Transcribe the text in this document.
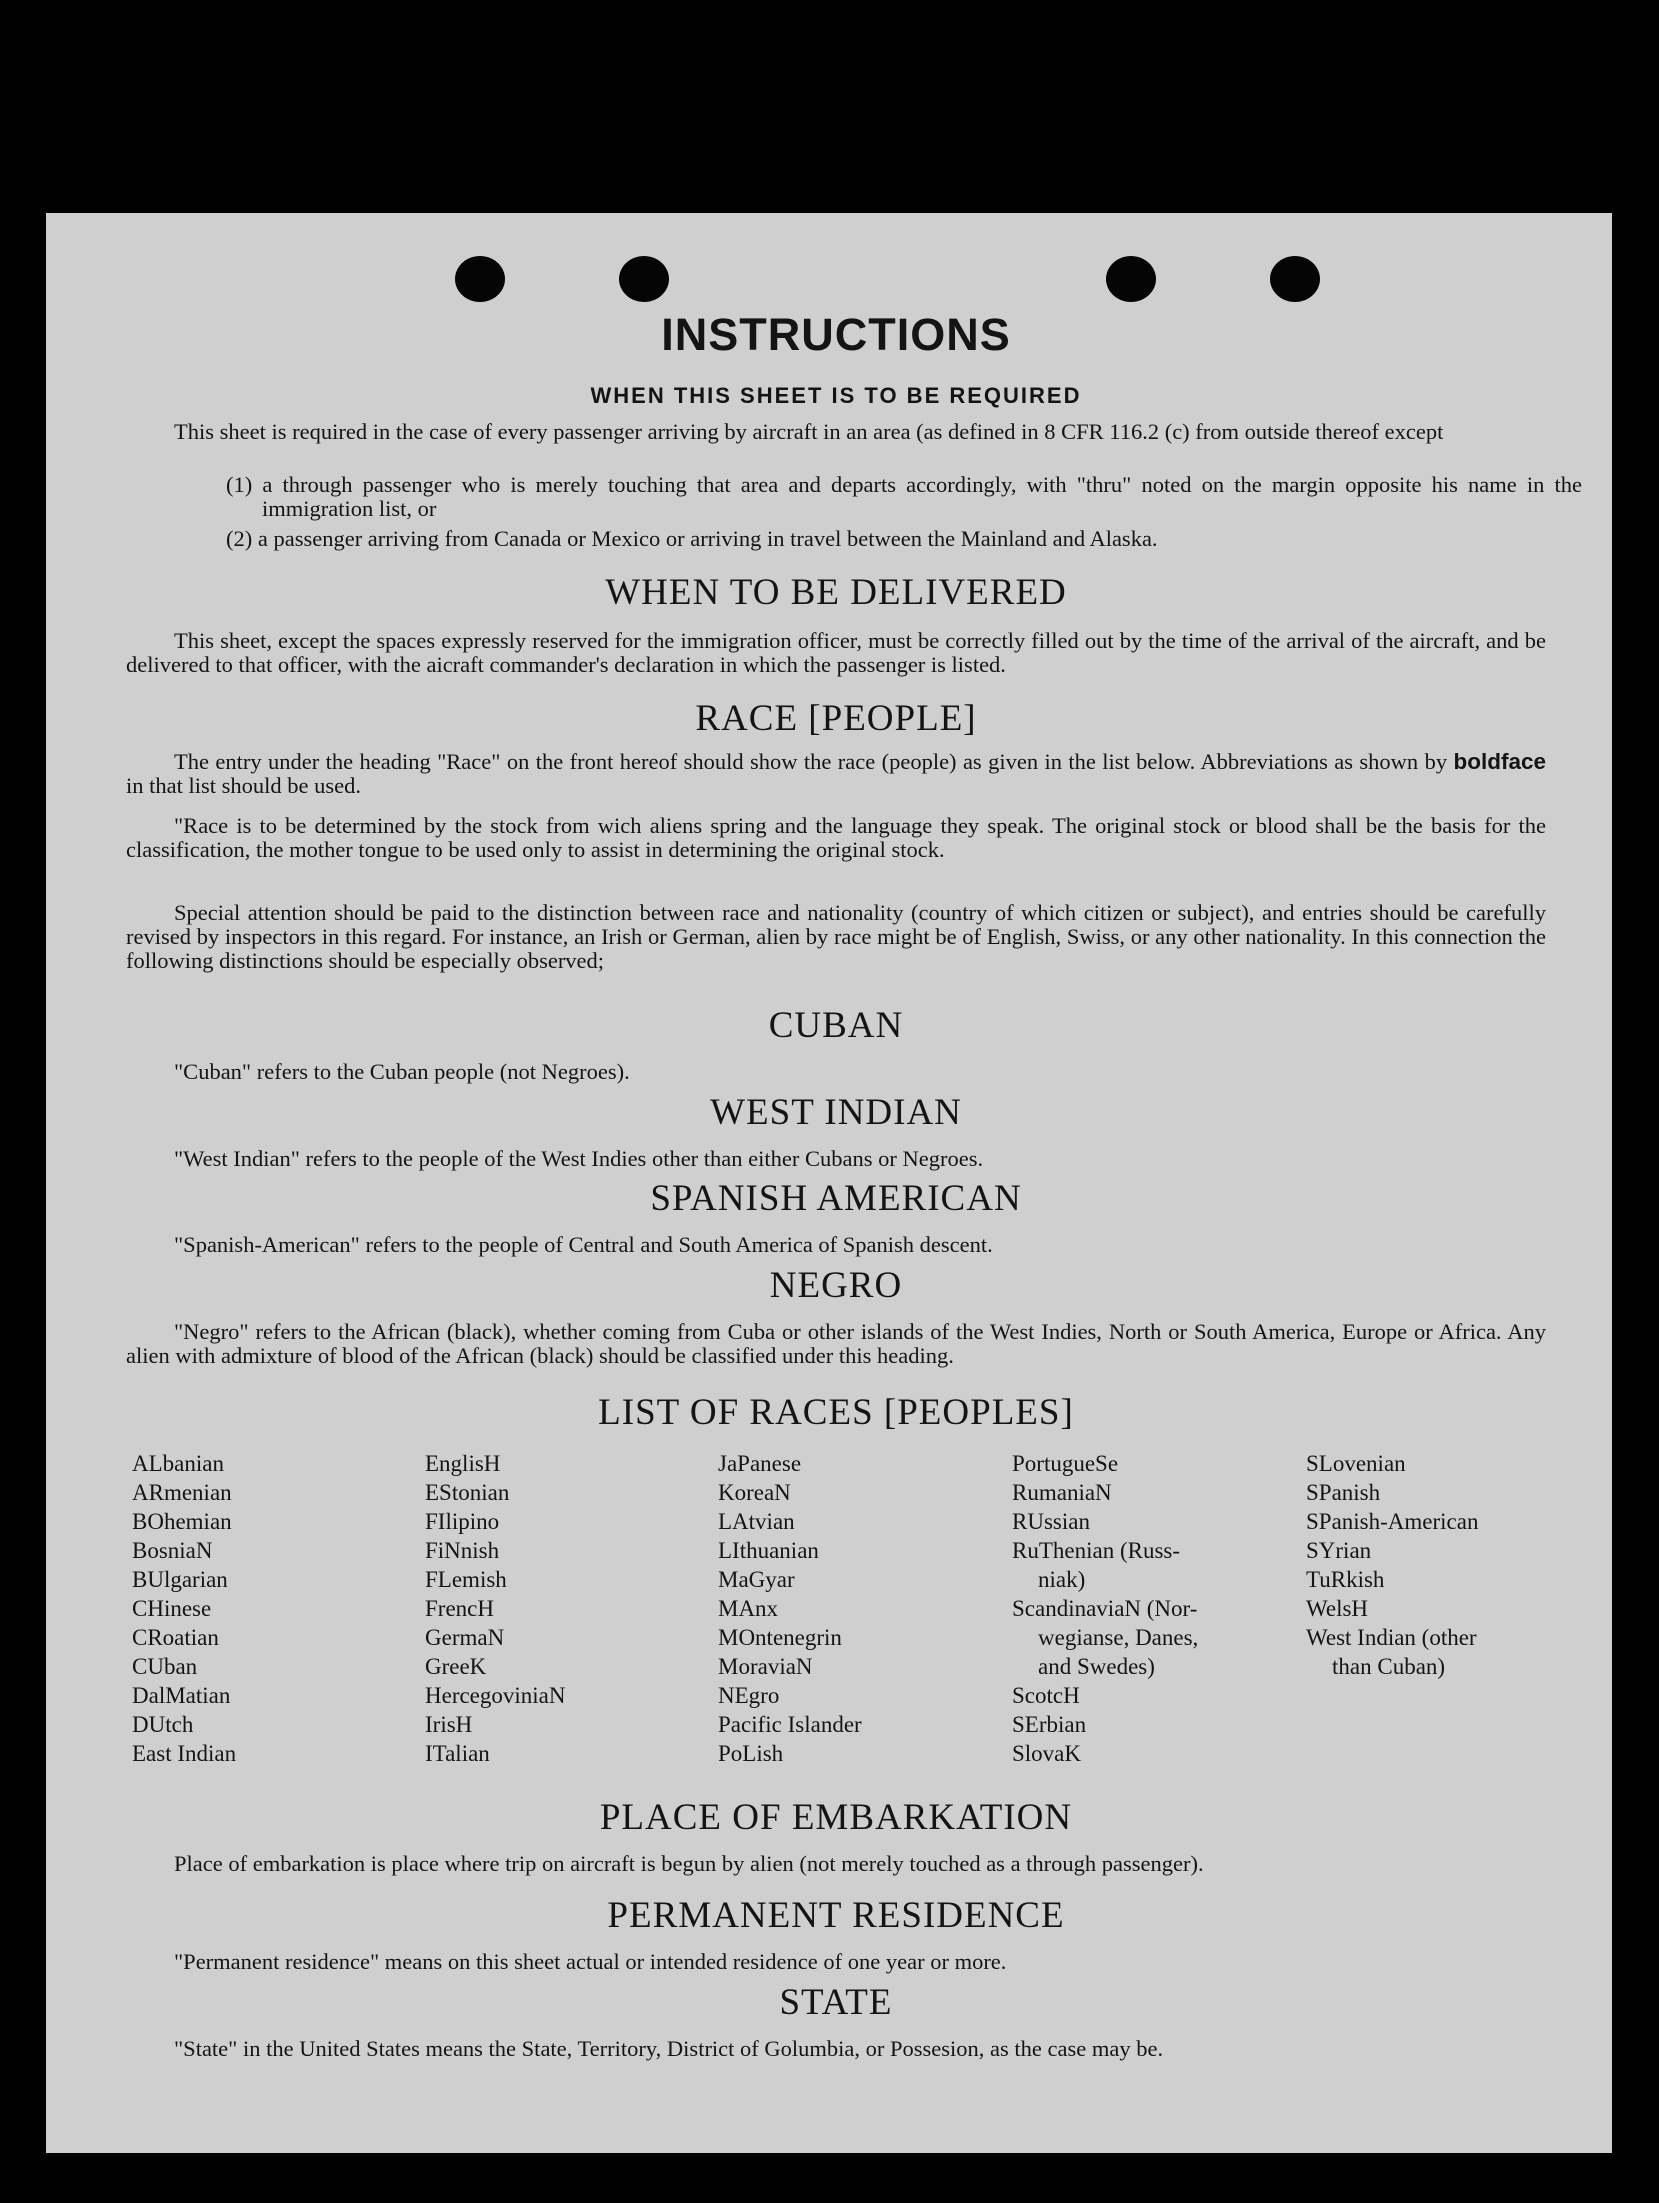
INSTRUCTIONS
WHEN THIS SHEET IS TO BE REQUIRED

This sheet is required in the case of every passenger arriving by aircraft in an area (as defined in 8 CFR 116.2 (c) from outside thereof except

(1) a through passenger who is merely touching that area and departs accordingly, with "thru" noted on the margin opposite his name in the immigration list, or

(2) a passenger arriving from Canada or Mexico or arriving in travel between the Mainland and Alaska.

WHEN TO BE DELIVERED

This sheet, except the spaces expressly reserved for the immigration officer, must be correctly filled out by the time of the arrival of the aircraft, and be delivered to that officer, with the aicraft commander's declaration in which the passenger is listed.

RACE [PEOPLE]

The entry under the heading "Race" on the front hereof should show the race (people) as given in the list below. Abbreviations as shown by boldface in that list should be used.

"Race is to be determined by the stock from wich aliens spring and the language they speak. The original stock or blood shall be the basis for the classification, the mother tongue to be used only to assist in determining the original stock.

Special attention should be paid to the distinction between race and nationality (country of which citizen or subject), and entries should be carefully revised by inspectors in this regard. For instance, an Irish or German, alien by race might be of English, Swiss, or any other nationality. In this connection the following distinctions should be especially observed;

CUBAN

"Cuban" refers to the Cuban people (not Negroes).

WEST INDIAN

"West Indian" refers to the people of the West Indies other than either Cubans or Negroes.

SPANISH AMERICAN

"Spanish-American" refers to the people of Central and South America of Spanish descent.

NEGRO

"Negro" refers to the African (black), whether coming from Cuba or other islands of the West Indies, North or South America, Europe or Africa. Any alien with admixture of blood of the African (black) should be classified under this heading.

LIST OF RACES [PEOPLES]
PLACE OF EMBARKATION

Place of embarkation is place where trip on aircraft is begun by alien (not merely touched as a through passenger).

PERMANENT RESIDENCE

"Permanent residence" means on this sheet actual or intended residence of one year or more.

STATE

"State" in the United States means the State, Territory, District of Golumbia, or Possesion, as the case may be.

ALbanian
ARmenian
BOhemian
BosniaN
BUlgarian
CHinese
CRoatian
CUban
DalMatian
DUtch
East Indian
EnglisH
EStonian
FIlipino
FiNnish
FLemish
FrencH
GermaN
GreeK
HercegoviniaN
IrisH
ITalian
JaPanese
KoreaN
LAtvian
LIthuanian
MaGyar
MAnx
MOntenegrin
MoraviaN
NEgro
Pacific Islander
PoLish
PortugueSe
RumaniaN
RUssian
RuThenian (Russ-
niak)
ScandinaviaN (Nor-
wegianse, Danes,
and Swedes)
ScotcH
SErbian
SlovaK
SLovenian
SPanish
SPanish-American
SYrian
TuRkish
WelsH
West Indian (other
than Cuban)
